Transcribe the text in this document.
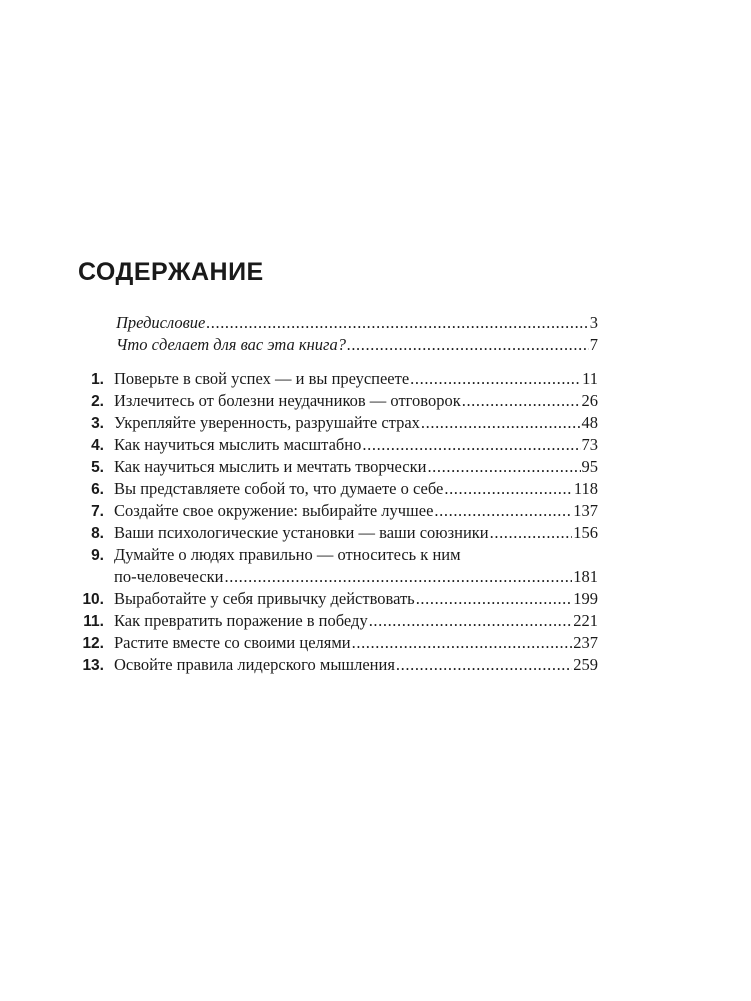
СОДЕРЖАНИЕ
Предисловие .....	3
Что сделает для вас эта книга? .....	7
1. Поверьте в свой успех — и вы преуспеете .....	11
2. Излечитесь от болезни неудачников — отговорок .....	26
3. Укрепляйте уверенность, разрушайте страх .....	48
4. Как научиться мыслить масштабно .....	73
5. Как научиться мыслить и мечтать творчески .....	95
6. Вы представляете собой то, что думаете о себе .....	118
7. Создайте свое окружение: выбирайте лучшее .....	137
8. Ваши психологические установки — ваши союзники .....	156
9. Думайте о людях правильно — относитесь к ним
по-человечески .....	181
10. Выработайте у себя привычку действовать .....	199
11. Как превратить поражение в победу .....	221
12. Растите вместе со своими целями .....	237
13. Освойте правила лидерского мышления .....	259
